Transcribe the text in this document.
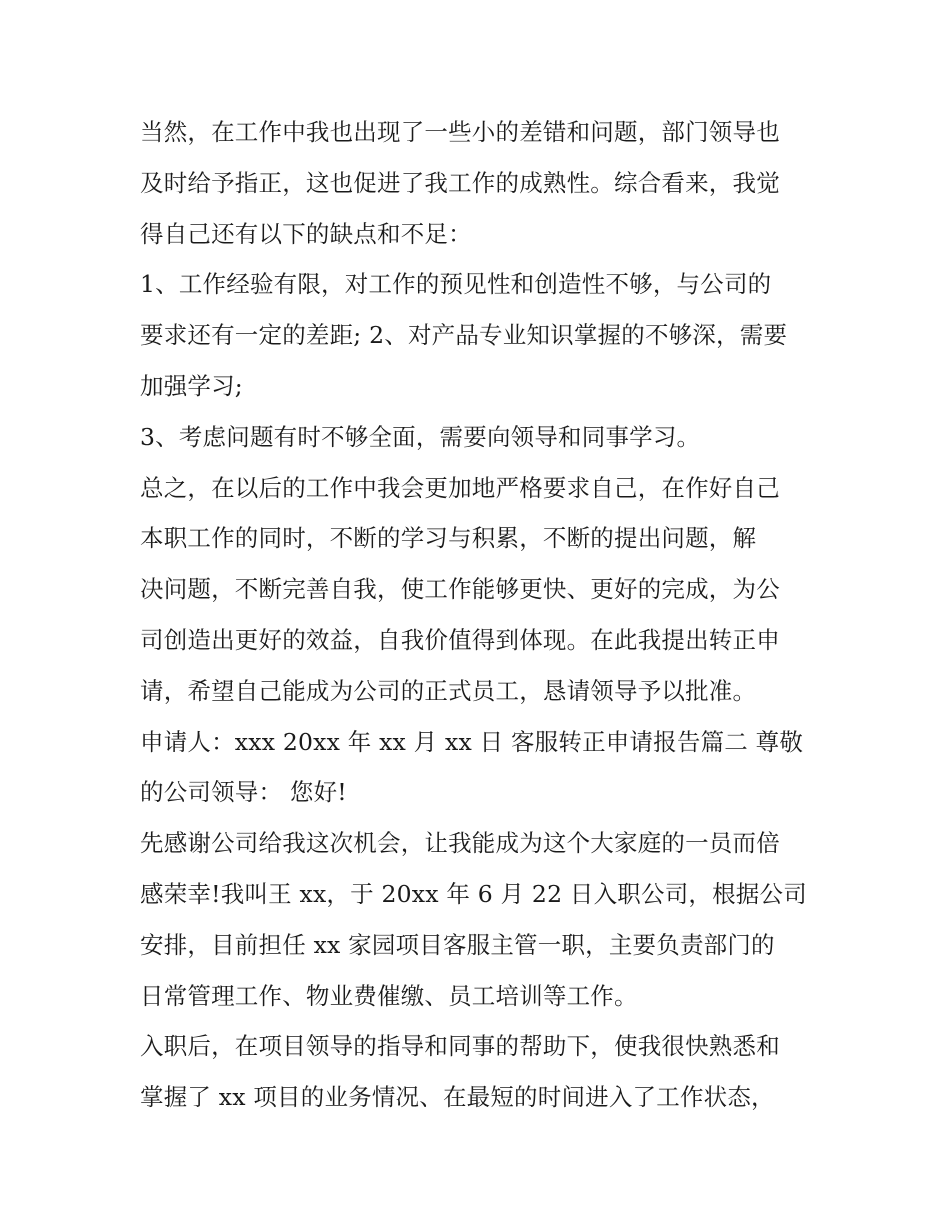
当然，在工作中我也出现了一些小的差错和问题，部门领导也
及时给予指正，这也促进了我工作的成熟性。综合看来，我觉
得自己还有以下的缺点和不足：
1、工作经验有限，对工作的预见性和创造性不够，与公司的
要求还有一定的差距; 2、对产品专业知识掌握的不够深，需要
加强学习;
3、考虑问题有时不够全面，需要向领导和同事学习。
总之，在以后的工作中我会更加地严格要求自己，在作好自己
本职工作的同时，不断的学习与积累，不断的提出问题，解
决问题，不断完善自我，使工作能够更快、更好的完成，为公
司创造出更好的效益，自我价值得到体现。在此我提出转正申
请，希望自己能成为公司的正式员工，恳请领导予以批准。
申请人：xxx 20xx 年 xx 月 xx 日 客服转正申请报告篇二 尊敬
的公司领导： 您好!
先感谢公司给我这次机会，让我能成为这个大家庭的一员而倍
感荣幸!我叫王 xx，于 20xx 年 6 月 22 日入职公司，根据公司
安排，目前担任 xx 家园项目客服主管一职，主要负责部门的
日常管理工作、物业费催缴、员工培训等工作。
入职后，在项目领导的指导和同事的帮助下，使我很快熟悉和
掌握了 xx 项目的业务情况、在最短的时间进入了工作状态，
